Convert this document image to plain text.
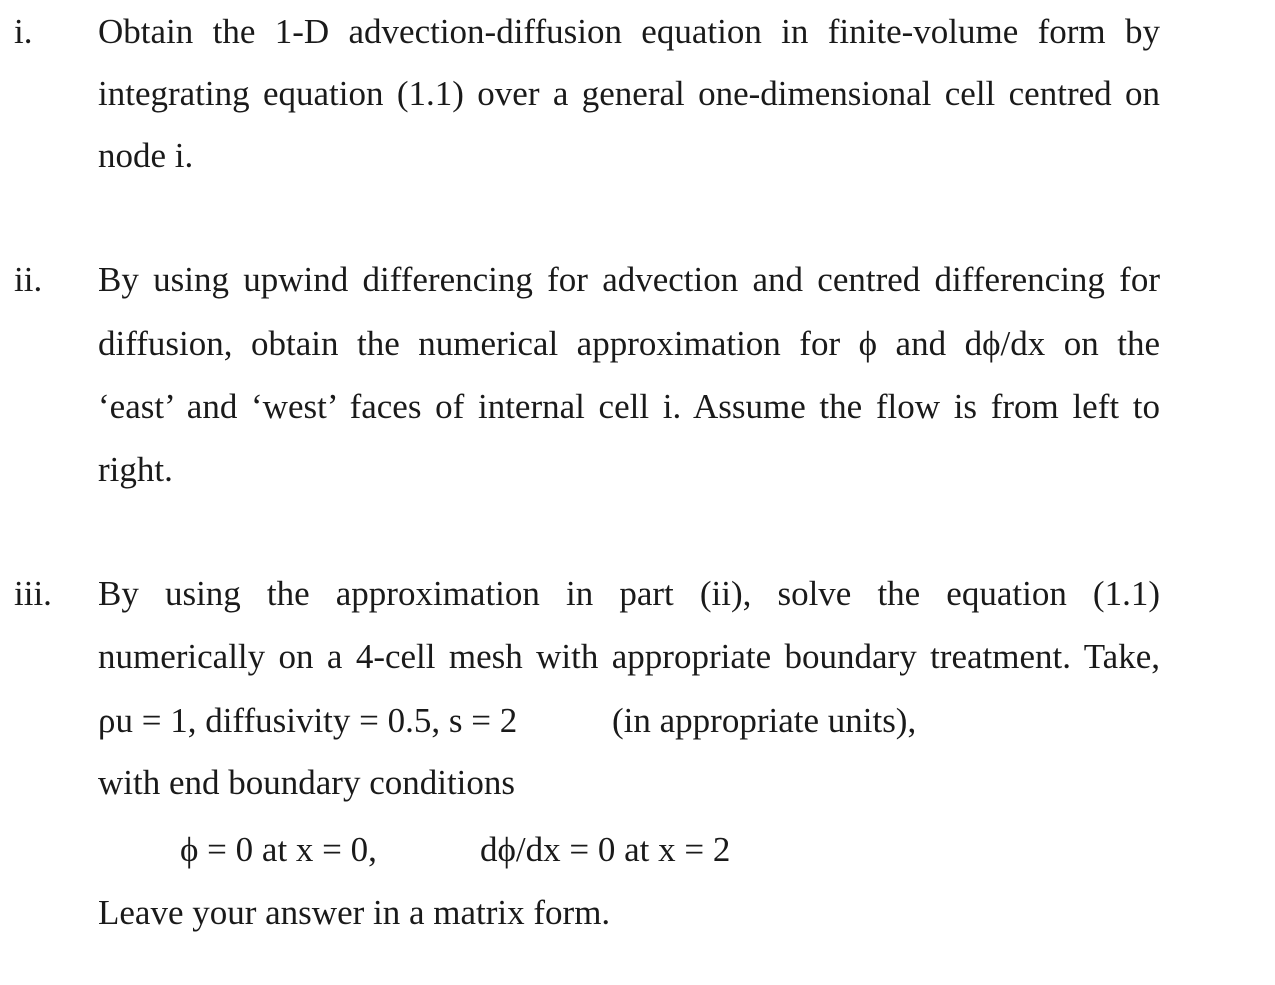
i. Obtain the 1-D advection-diffusion equation in finite-volume form by
integrating equation (1.1) over a general one-dimensional cell centred on
node i.
ii. By using upwind differencing for advection and centred differencing for
diffusion, obtain the numerical approximation for ϕ and dϕ/dx on the
‘east’ and ‘west’ faces of internal cell i. Assume the flow is from left to
right.
iii. By using the approximation in part (ii), solve the equation (1.1)
numerically on a 4-cell mesh with appropriate boundary treatment. Take,
ρu = 1, diffusivity = 0.5, s = 2	(in appropriate units),
with end boundary conditions
ϕ = 0 at x = 0,	dϕ/dx = 0 at x = 2
Leave your answer in a matrix form.
